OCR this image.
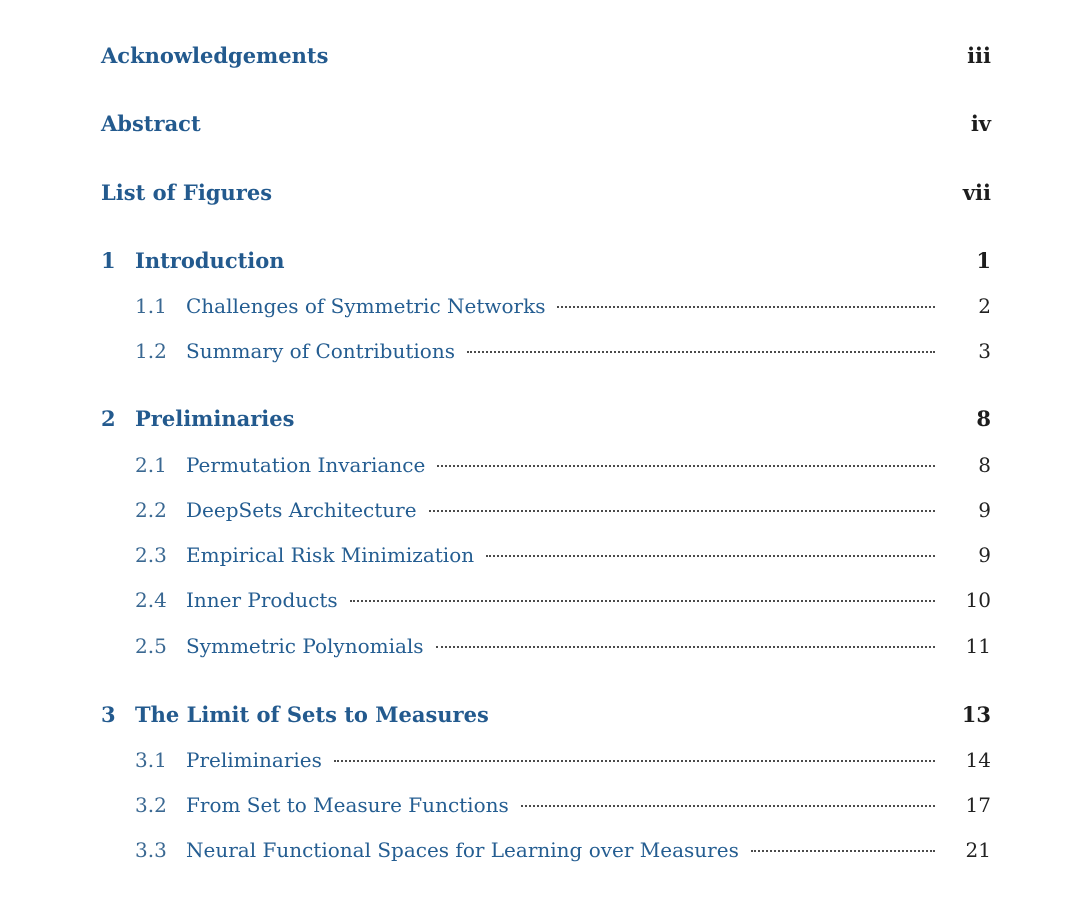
Acknowledgements	iii
Abstract	iv
List of Figures	vii
1 Introduction	1
1.1 Challenges of Symmetric Networks	2
1.2 Summary of Contributions	3
2 Preliminaries	8
2.1 Permutation Invariance	8
2.2 DeepSets Architecture	9
2.3 Empirical Risk Minimization	9
2.4 Inner Products	10
2.5 Symmetric Polynomials	11
3 The Limit of Sets to Measures	13
3.1 Preliminaries	14
3.2 From Set to Measure Functions	17
3.3 Neural Functional Spaces for Learning over Measures	21
